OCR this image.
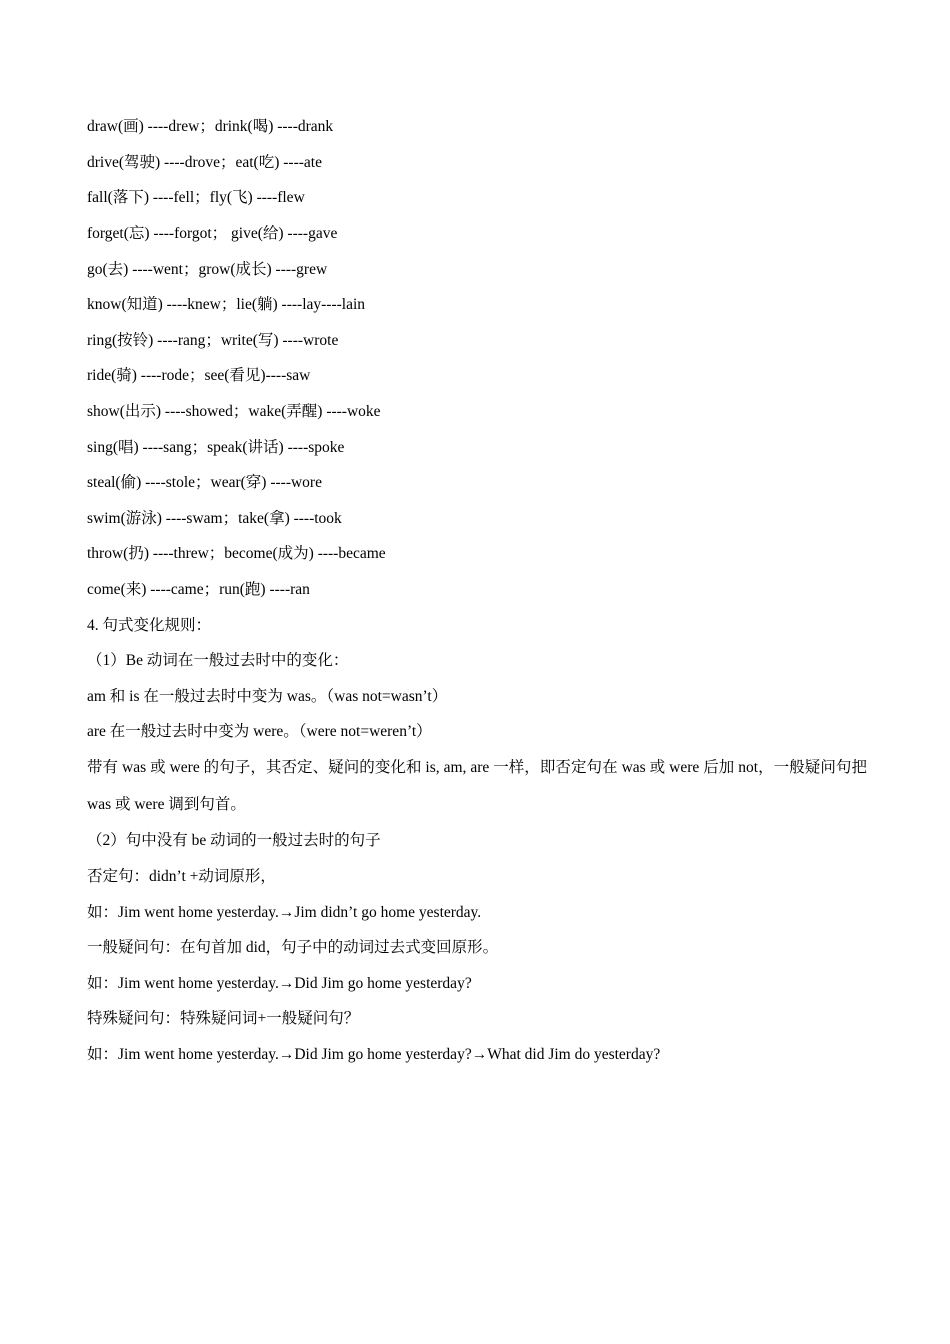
draw(画) ----drew；drink(喝) ----drank
drive(驾驶) ----drove；eat(吃) ----ate
fall(落下) ----fell；fly(飞) ----flew
forget(忘) ----forgot； give(给) ----gave
go(去) ----went；grow(成长) ----grew
know(知道) ----knew；lie(躺) ----lay----lain
ring(按铃) ----rang；write(写) ----wrote
ride(骑) ----rode；see(看见)----saw
show(出示) ----showed；wake(弄醒) ----woke
sing(唱) ----sang；speak(讲话) ----spoke
steal(偷) ----stole；wear(穿) ----wore
swim(游泳) ----swam；take(拿) ----took
throw(扔) ----threw；become(成为) ----became
come(来) ----came；run(跑) ----ran
4. 句式变化规则：
（1）Be 动词在一般过去时中的变化：
am 和 is 在一般过去时中变为 was。（was not=wasn’t）
are 在一般过去时中变为 were。（were not=weren’t）
带有 was 或 were 的句子，其否定、疑问的变化和 is, am, are 一样，即否定句在 was 或 were 后加 not，一般疑问句把 was 或 were 调到句首。
（2）句中没有 be 动词的一般过去时的句子
否定句：didn’t +动词原形，
如：Jim went home yesterday.→Jim didn’t go home yesterday.
一般疑问句：在句首加 did，句子中的动词过去式变回原形。
如：Jim went home yesterday.→Did Jim go home yesterday?
特殊疑问句：特殊疑问词+一般疑问句？
如：Jim went home yesterday.→Did Jim go home yesterday?→What did Jim do yesterday?
